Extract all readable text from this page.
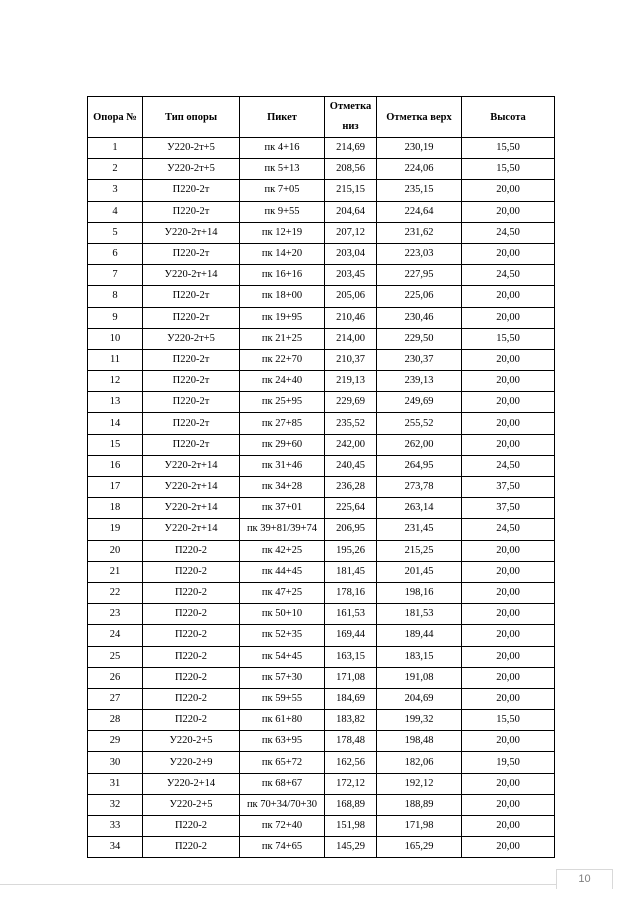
Опора №	Тип опоры	Пикет	Отметка низ	Отметка верх	Высота
1	У220-2т+5	пк 4+16	214,69	230,19	15,50
2	У220-2т+5	пк 5+13	208,56	224,06	15,50
3	П220-2т	пк 7+05	215,15	235,15	20,00
4	П220-2т	пк 9+55	204,64	224,64	20,00
5	У220-2т+14	пк 12+19	207,12	231,62	24,50
6	П220-2т	пк 14+20	203,04	223,03	20,00
7	У220-2т+14	пк 16+16	203,45	227,95	24,50
8	П220-2т	пк 18+00	205,06	225,06	20,00
9	П220-2т	пк 19+95	210,46	230,46	20,00
10	У220-2т+5	пк 21+25	214,00	229,50	15,50
11	П220-2т	пк 22+70	210,37	230,37	20,00
12	П220-2т	пк 24+40	219,13	239,13	20,00
13	П220-2т	пк 25+95	229,69	249,69	20,00
14	П220-2т	пк 27+85	235,52	255,52	20,00
15	П220-2т	пк 29+60	242,00	262,00	20,00
16	У220-2т+14	пк 31+46	240,45	264,95	24,50
17	У220-2т+14	пк 34+28	236,28	273,78	37,50
18	У220-2т+14	пк 37+01	225,64	263,14	37,50
19	У220-2т+14	пк 39+81/39+74	206,95	231,45	24,50
20	П220-2	пк 42+25	195,26	215,25	20,00
21	П220-2	пк 44+45	181,45	201,45	20,00
22	П220-2	пк 47+25	178,16	198,16	20,00
23	П220-2	пк 50+10	161,53	181,53	20,00
24	П220-2	пк 52+35	169,44	189,44	20,00
25	П220-2	пк 54+45	163,15	183,15	20,00
26	П220-2	пк 57+30	171,08	191,08	20,00
27	П220-2	пк 59+55	184,69	204,69	20,00
28	П220-2	пк 61+80	183,82	199,32	15,50
29	У220-2+5	пк 63+95	178,48	198,48	20,00
30	У220-2+9	пк 65+72	162,56	182,06	19,50
31	У220-2+14	пк 68+67	172,12	192,12	20,00
32	У220-2+5	пк 70+34/70+30	168,89	188,89	20,00
33	П220-2	пк 72+40	151,98	171,98	20,00
34	П220-2	пк 74+65	145,29	165,29	20,00
10
